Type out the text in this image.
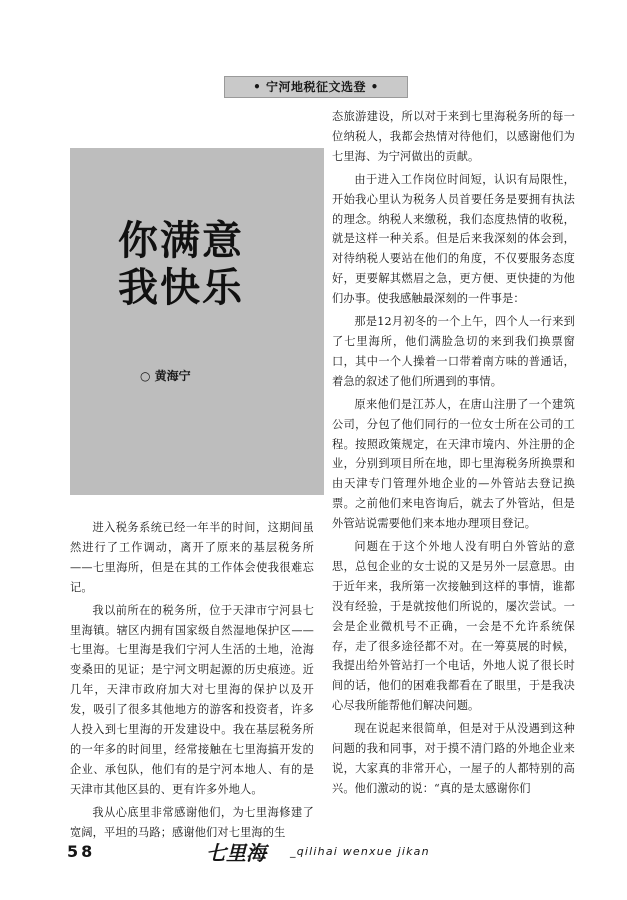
• 宁河地税征文选登 •
你满意
我快乐
○ 黄海宁

进入税务系统已经一年半的时间，这期间虽然进行了工作调动，离开了原来的基层税务所——七里海所，但是在其的工作体会使我很难忘记。

我以前所在的税务所，位于天津市宁河县七里海镇。辖区内拥有国家级自然湿地保护区——七里海。七里海是我们宁河人生活的土地，沧海变桑田的见证；是宁河文明起源的历史痕迹。近几年，天津市政府加大对七里海的保护以及开发，吸引了很多其他地方的游客和投资者，许多人投入到七里海的开发建设中。我在基层税务所的一年多的时间里，经常接触在七里海搞开发的企业、承包队，他们有的是宁河本地人、有的是天津市其他区县的、更有许多外地人。

我从心底里非常感谢他们，为七里海修建了宽阔，平坦的马路；感谢他们对七里海的生

态旅游建设，所以对于来到七里海税务所的每一位纳税人，我都会热情对待他们，以感谢他们为七里海、为宁河做出的贡献。

由于进入工作岗位时间短，认识有局限性，开始我心里认为税务人员首要任务是要拥有执法的理念。纳税人来缴税，我们态度热情的收税，就是这样一种关系。但是后来我深刻的体会到，对待纳税人要站在他们的角度，不仅要服务态度好，更要解其燃眉之急，更方便、更快捷的为他们办事。使我感触最深刻的一件事是：

那是12月初冬的一个上午，四个人一行来到了七里海所，他们满脸急切的来到我们换票窗口，其中一个人操着一口带着南方味的普通话，着急的叙述了他们所遇到的事情。

原来他们是江苏人，在唐山注册了一个建筑公司，分包了他们同行的一位女士所在公司的工程。按照政策规定，在天津市境内、外注册的企业，分别到项目所在地，即七里海税务所换票和由天津专门管理外地企业的—外管站去登记换票。之前他们来电咨询后，就去了外管站，但是外管站说需要他们来本地办理项目登记。

问题在于这个外地人没有明白外管站的意思，总包企业的女士说的又是另外一层意思。由于近年来，我所第一次接触到这样的事情，谁都没有经验，于是就按他们所说的，屡次尝试。一会是企业微机号不正确，一会是不允许系统保存，走了很多途径都不对。在一筹莫展的时候，我提出给外管站打一个电话，外地人说了很长时间的话，他们的困难我都看在了眼里，于是我决心尽我所能帮他们解决问题。

现在说起来很简单，但是对于从没遇到这种问题的我和同事，对于摸不清门路的外地企业来说，大家真的非常开心，一屋子的人都特别的高兴。他们激动的说：“真的是太感谢你们

58	七里海 _qilihai wenxue jikan
